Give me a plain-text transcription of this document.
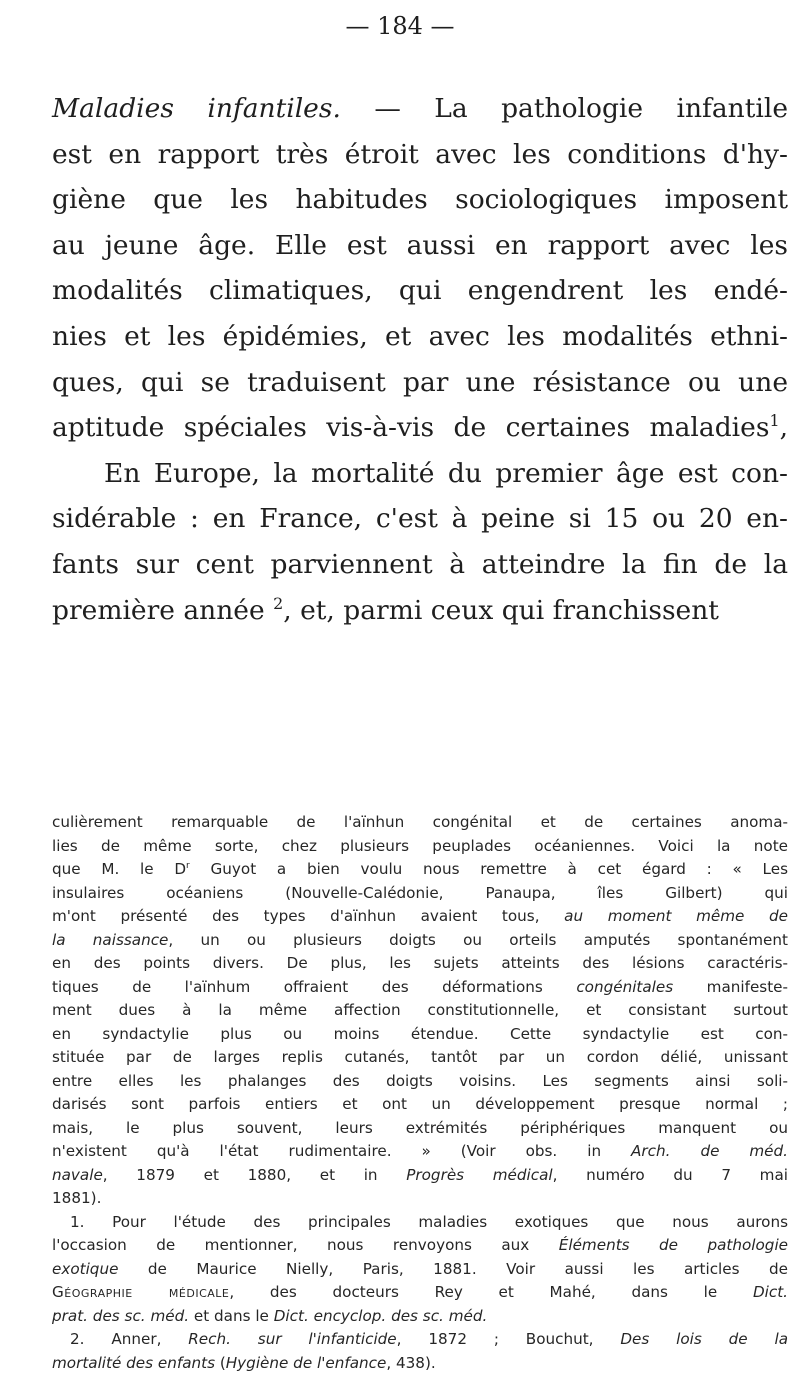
— 184 —
Maladies infantiles. — La pathologie infantile
est en rapport très étroit avec les conditions d'hy-
giène que les habitudes sociologiques imposent
au jeune âge. Elle est aussi en rapport avec les
modalités climatiques, qui engendrent les endé-
nies et les épidémies, et avec les modalités ethni-
ques, qui se traduisent par une résistance ou une
aptitude spéciales vis-à-vis de certaines maladies$^1$,
En Europe, la mortalité du premier âge est con-
sidérable : en France, c'est à peine si 15 ou 20 en-
fants sur cent parviennent à atteindre la fin de la
première année $^2$, et, parmi ceux qui franchissent
culièrement remarquable de l'aïnhun congénital et de certaines anoma-
lies de même sorte, chez plusieurs peuplades océaniennes. Voici la note
que M. le $D^r$ Guyot a bien voulu nous remettre à cet égard : « Les
insulaires océaniens (Nouvelle-Calédonie, Panaupa, îles Gilbert) qui
m'ont présenté des types d'aïnhun avaient tous, au moment même de
la naissance, un ou plusieurs doigts ou orteils amputés spontanément
en des points divers. De plus, les sujets atteints des lésions caractéris-
tiques de l'aïnhum offraient des déformations congénitales manifeste-
ment dues à la même affection constitutionnelle, et consistant surtout
en syndactylie plus ou moins étendue. Cette syndactylie est con-
stituée par de larges replis cutanés, tantôt par un cordon délié, unissant
entre elles les phalanges des doigts voisins. Les segments ainsi soli-
darisés sont parfois entiers et ont un développement presque normal ;
mais, le plus souvent, leurs extrémités périphériques manquent ou
n'existent qu'à l'état rudimentaire. » (Voir obs. in Arch. de méd.
navale, 1879 et 1880, et in Progrès médical, numéro du 7 mai
1881).
1. Pour l'étude des principales maladies exotiques que nous aurons
l'occasion de mentionner, nous renvoyons aux Éléments de pathologie
exotique de Maurice Nielly, Paris, 1881. Voir aussi les articles de
Géographie médicale, des docteurs Rey et Mahé, dans le Dict.
prat. des sc. méd. et dans le Dict. encyclop. des sc. méd.
2. Anner, Rech. sur l'infanticide, 1872 ; Bouchut, Des lois de la
mortalité des enfants (Hygiène de l'enfance, 438).
